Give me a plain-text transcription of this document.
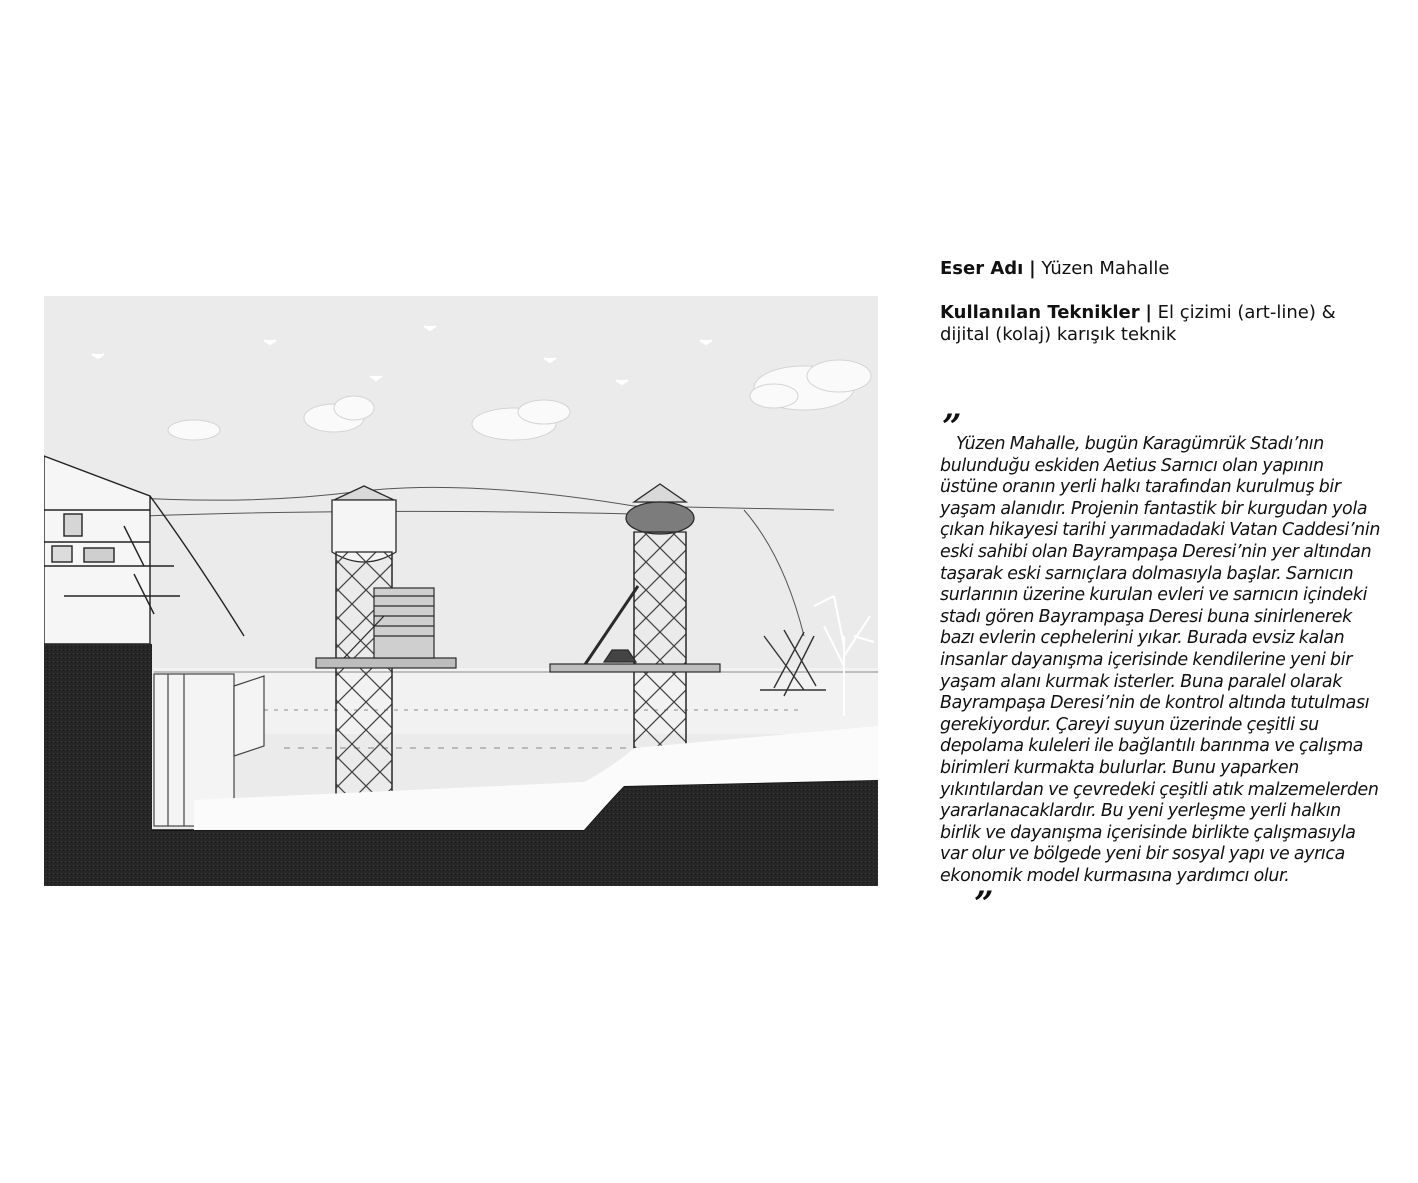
Eser Adı | Yüzen Mahalle

Kullanılan Teknikler | El çizimi (art-line) & dijital (kolaj) karışık teknik

”

Yüzen Mahalle, bugün Karagümrük Stadı’nın bulunduğu eskiden Aetius Sarnıcı olan yapının üstüne oranın yerli halkı tarafından kurulmuş bir yaşam alanıdır. Projenin fantastik bir kurgudan yola çıkan hikayesi tarihi yarımadadaki Vatan Caddesi’nin eski sahibi olan Bayrampaşa Deresi’nin yer altından taşarak eski sarnıçlara dolmasıyla başlar. Sarnıcın surlarının üzerine kurulan evleri ve sarnıcın içindeki stadı gören Bayrampaşa Deresi buna sinirlenerek bazı evlerin cephelerini yıkar. Burada evsiz kalan insanlar dayanışma içerisinde kendilerine yeni bir yaşam alanı kurmak isterler. Buna paralel olarak Bayrampaşa Deresi’nin de kontrol altında tutulması gerekiyordur. Çareyi suyun üzerinde çeşitli su depolama kuleleri ile bağlantılı barınma ve çalışma birimleri kurmakta bulurlar. Bunu yaparken yıkıntılardan ve çevredeki çeşitli atık malzemelerden yararlanacaklardır. Bu yeni yerleşme yerli halkın birlik ve dayanışma içerisinde birlikte çalışmasıyla var olur ve bölgede yeni bir sosyal yapı ve ayrıca ekonomik model kurmasına yardımcı olur.

”
